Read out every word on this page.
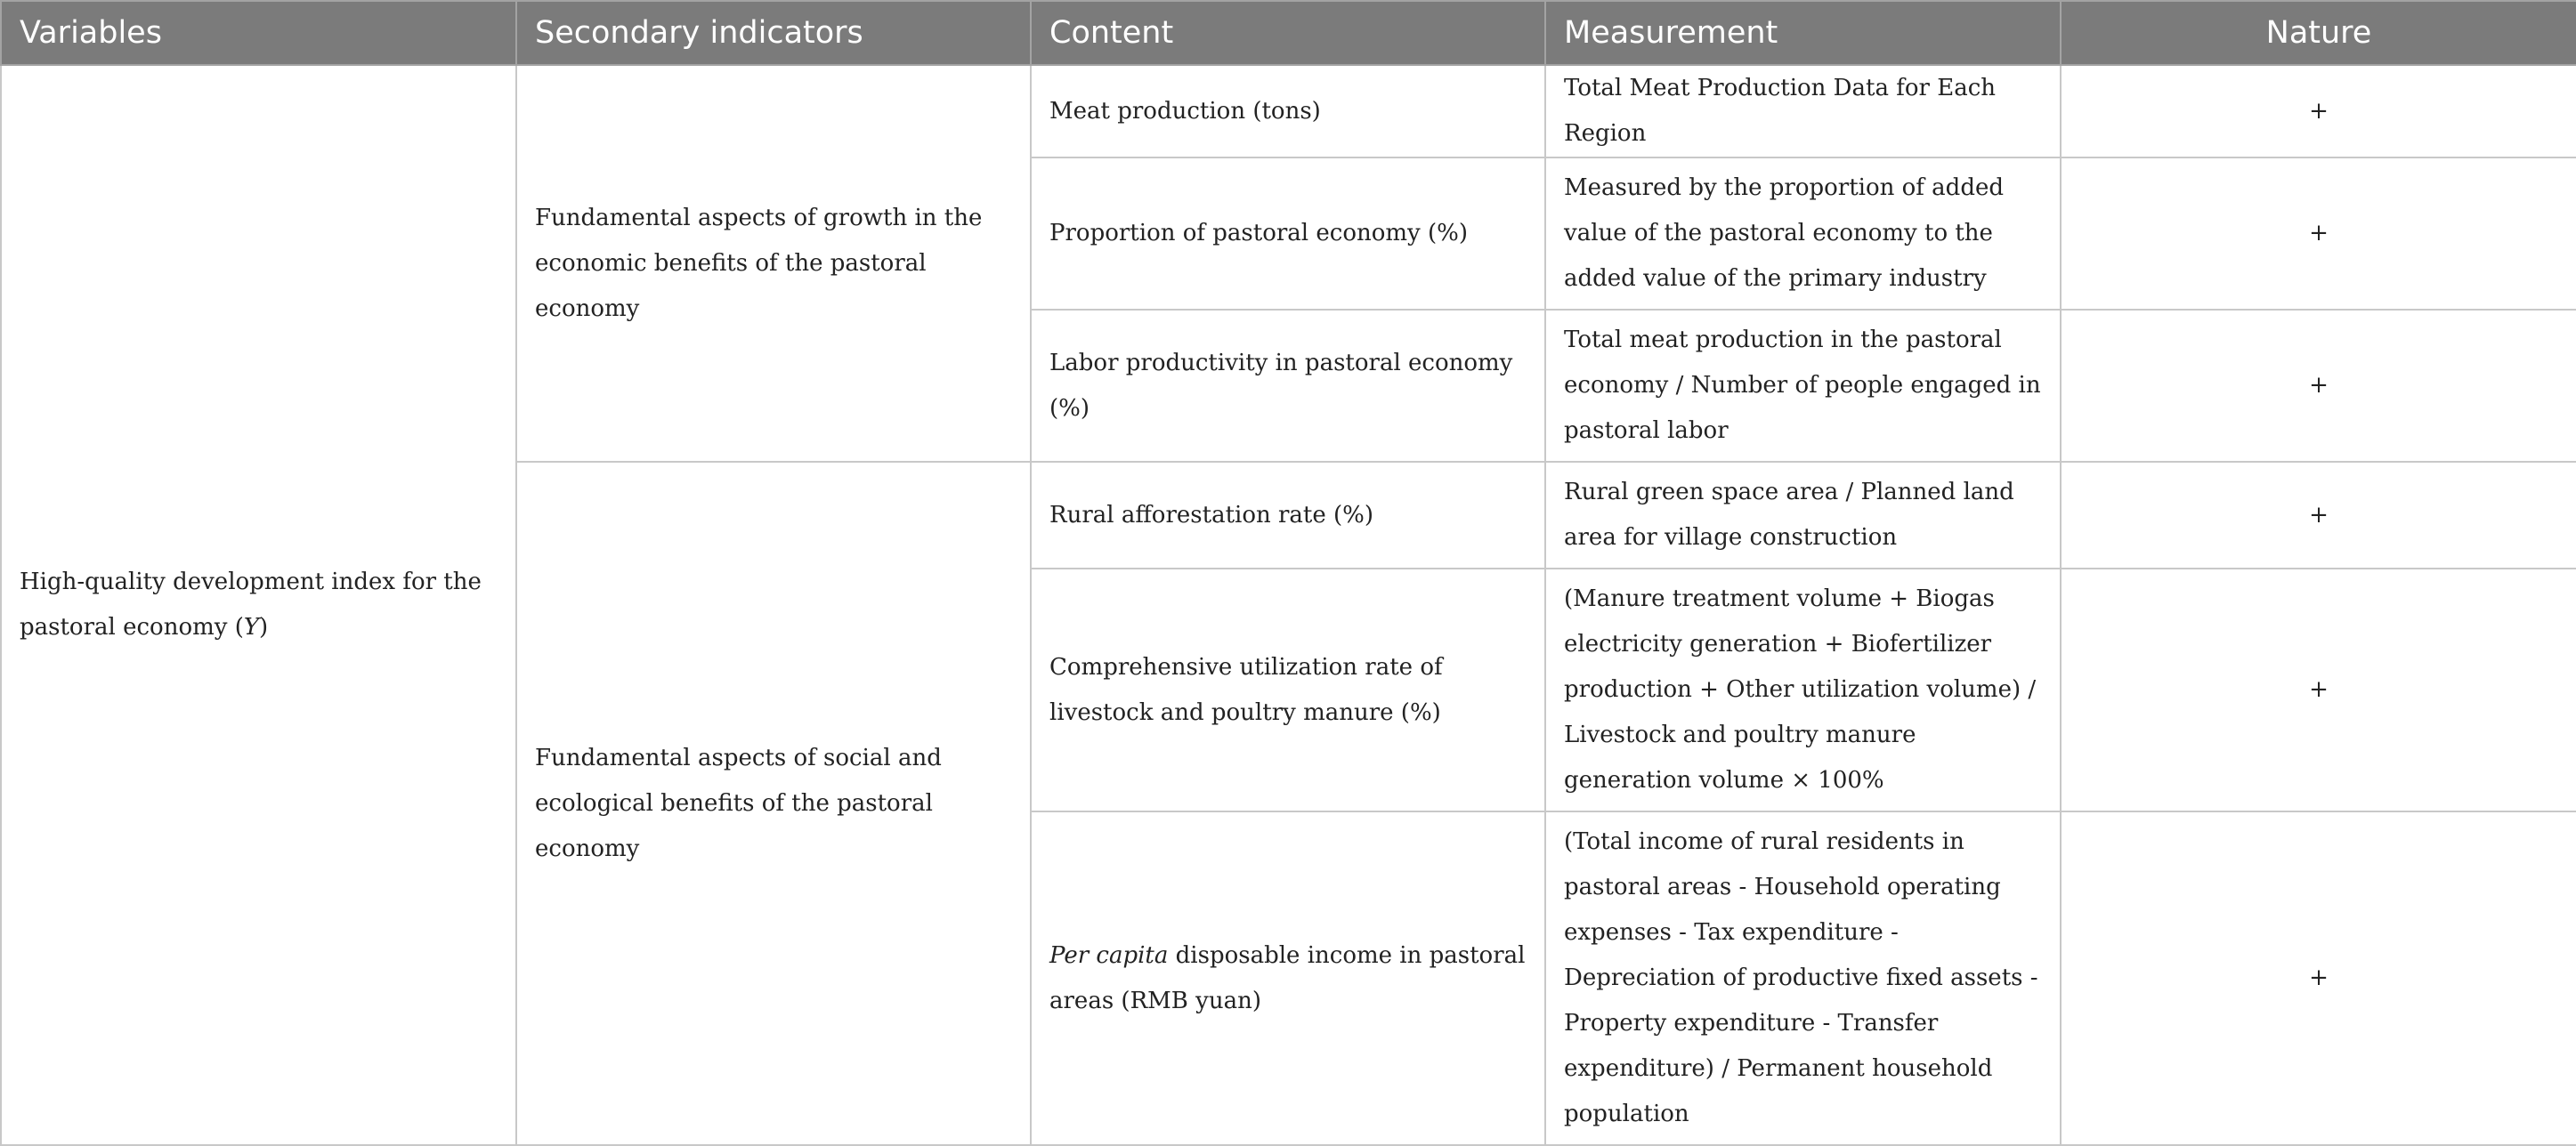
Variables	Secondary indicators	Content	Measurement	Nature
High-quality development index for the pastoral economy (Y)	Fundamental aspects of growth in the economic benefits of the pastoral economy	Meat production (tons)	Total Meat Production Data for Each Region	+
		Proportion of pastoral economy (%)	Measured by the proportion of added value of the pastoral economy to the added value of the primary industry	+
		Labor productivity in pastoral economy (%)	Total meat production in the pastoral economy / Number of people engaged in pastoral labor	+
	Fundamental aspects of social and ecological benefits of the pastoral economy	Rural afforestation rate (%)	Rural green space area / Planned land area for village construction	+
		Comprehensive utilization rate of livestock and poultry manure (%)	(Manure treatment volume + Biogas electricity generation + Biofertilizer production + Other utilization volume) / Livestock and poultry manure generation volume × 100%	+
		Per capita disposable income in pastoral areas (RMB yuan)	(Total income of rural residents in pastoral areas - Household operating expenses - Tax expenditure - Depreciation of productive fixed assets - Property expenditure - Transfer expenditure) / Permanent household population	+
